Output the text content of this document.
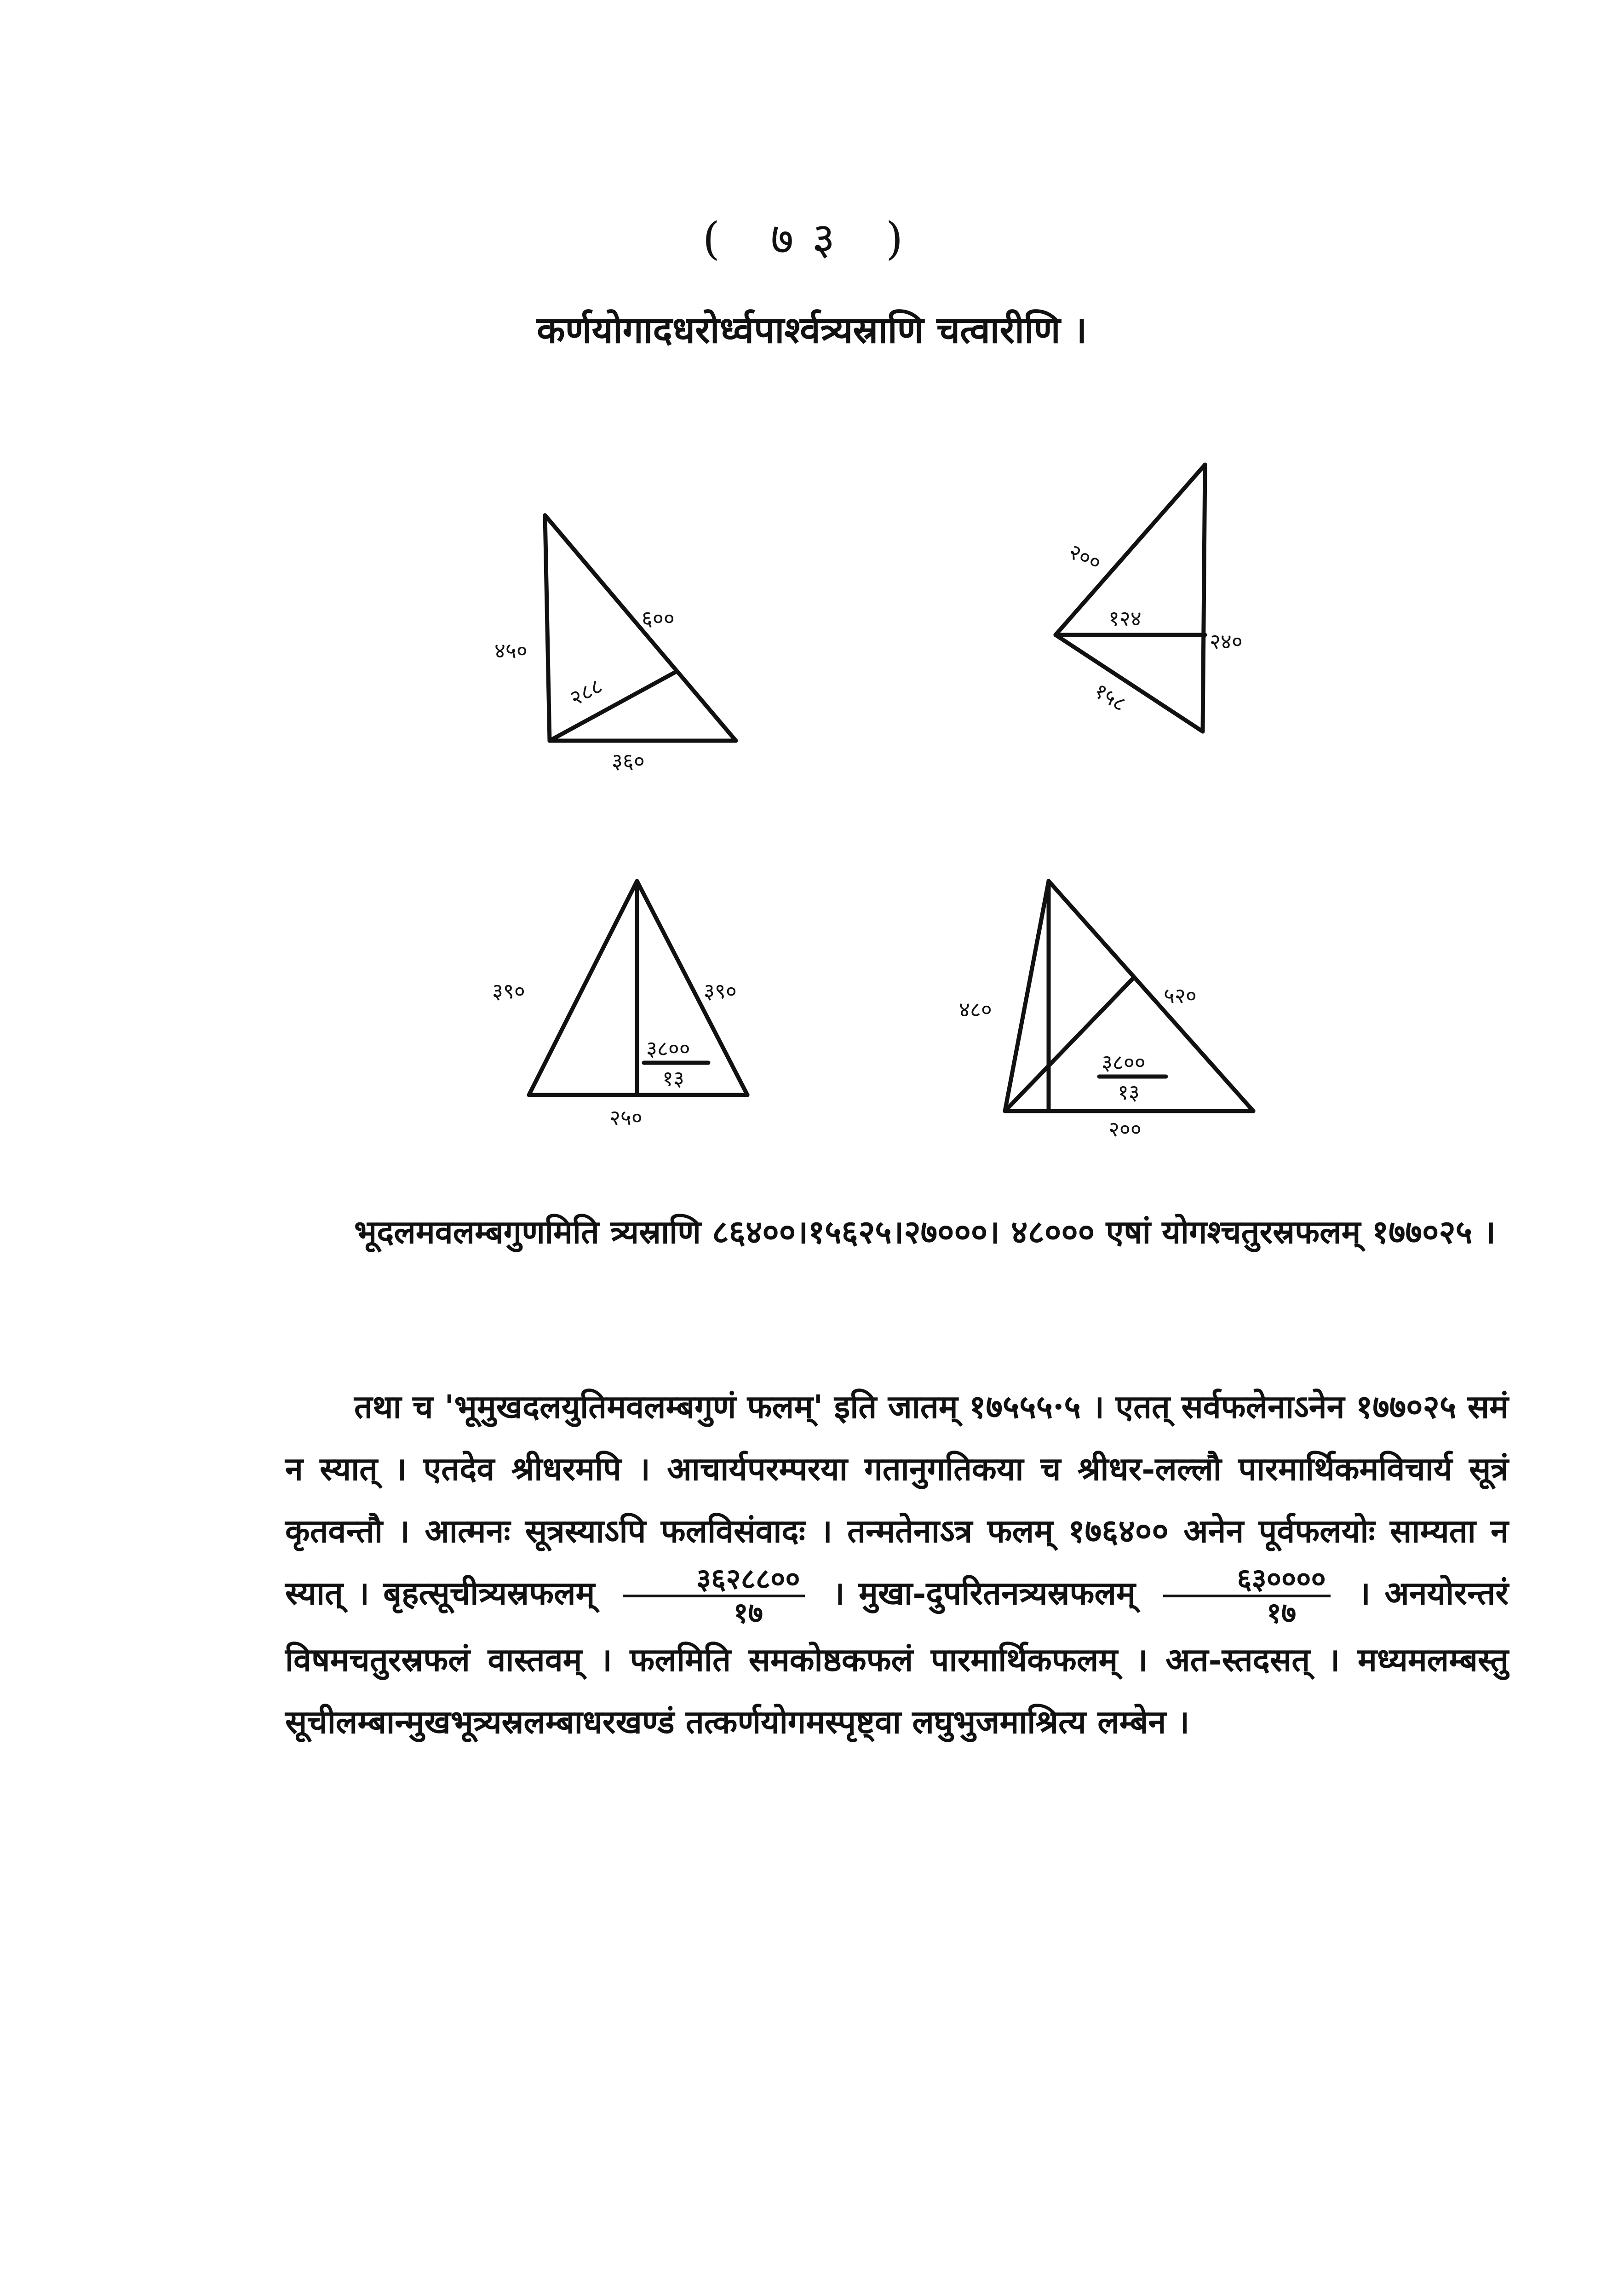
( ७३ )
कर्णयोगादधरोर्ध्वपार्श्वत्र्यस्राणि चत्वारीणि ।
४५०
६००
२८८
३६०
२००
१२४
२४०
१५८
३९०	३९०
३८००
१३
२५०
४८०
५२०
३८००
१३
२००

भूदलमवलम्बगुणमिति त्र्यस्राणि ८६४००।१५६२५।२७०००। ४८००० एषां योगश्चतुरस्रफलम् १७७०२५ ।

तथा च 'भूमुखदलयुतिमवलम्बगुणं फलम्' इति जातम् १७५५५·५ । एतत् सर्वफलेनाऽनेन १७७०२५ समं न स्यात् । एतदेव श्रीधरमपि । आचार्यपरम्परया गतानुगतिकया च श्रीधर-लल्लौ पारमार्थिकमविचार्य सूत्रं कृतवन्तौ । आत्मनः सूत्रस्याऽपि फलविसंवादः । तन्मतेनाऽत्र फलम् १७६४०० अनेन पूर्वफलयोः साम्यता न स्यात् । बृहत्सूचीत्र्यस्रफलम् $\frac{३६२८८००}{१७}$ । मुखा-दुपरितनत्र्यस्रफलम् $\frac{६३००००}{१७}$ । अनयोरन्तरं विषमचतुरस्रफलं वास्तवम् । फलमिति समकोष्ठकफलं पारमार्थिकफलम् । अत-स्तदसत् । मध्यमलम्बस्तु सूचीलम्बान्मुखभूत्र्यस्रलम्बाधरखण्डं तत्कर्णयोगमस्पृष्ट्वा लघुभुजमाश्रित्य लम्बेन ।
